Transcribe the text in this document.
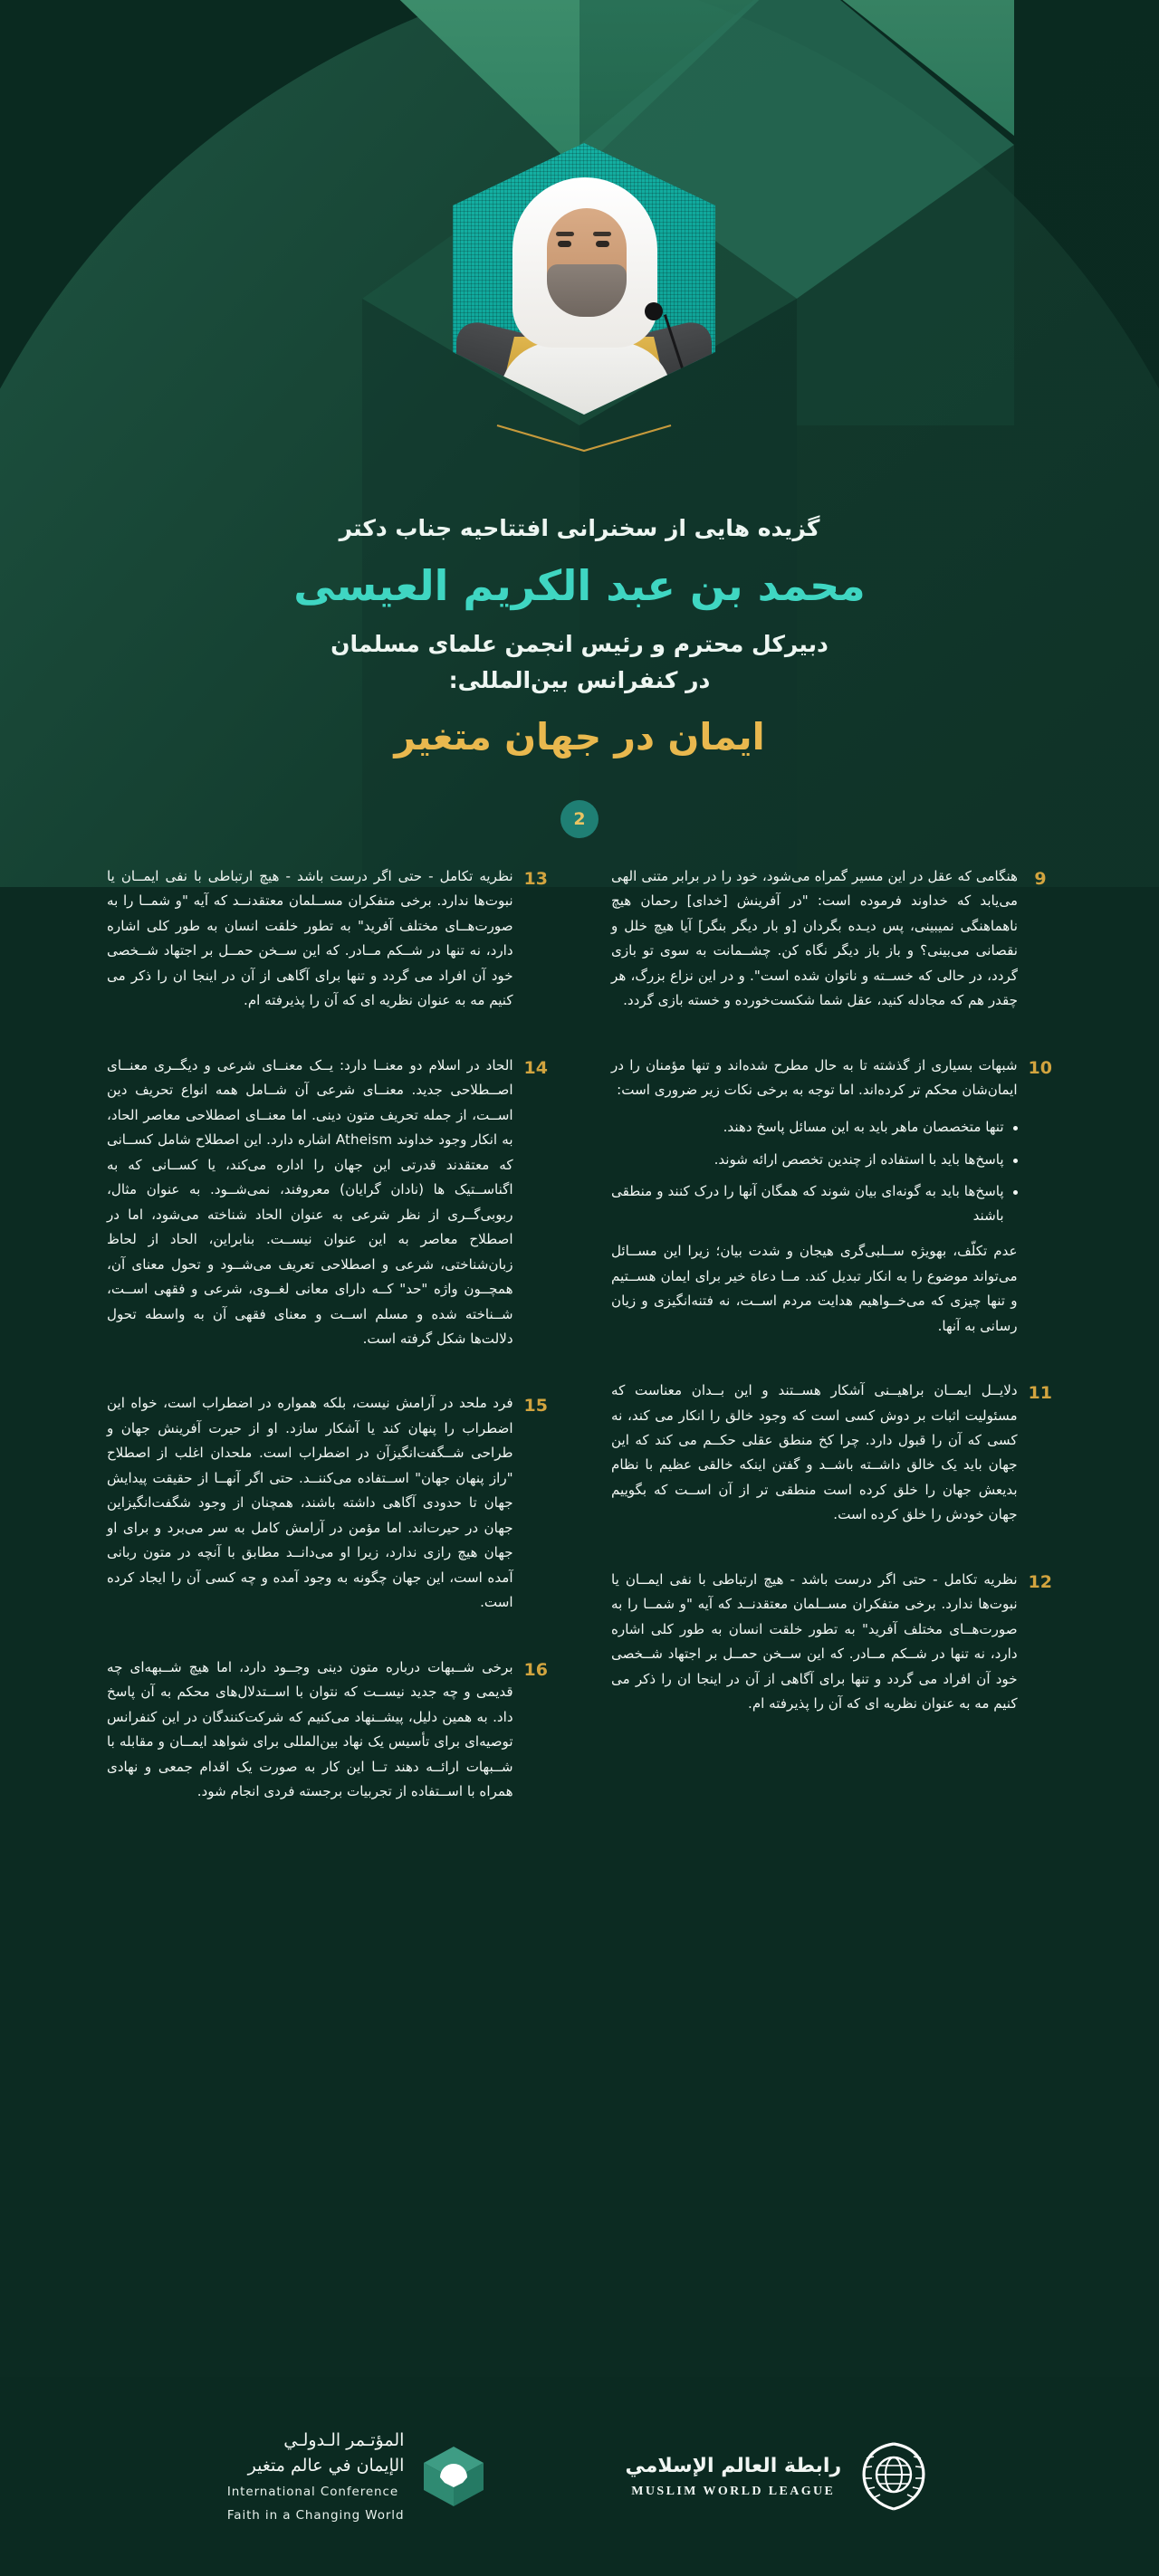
گزیده هایی از سخنرانی افتتاحیه جناب دکتر
محمد بن عبد الکریم العیسی
دبیرکل محترم و رئیس انجمن علمای مسلمان
در کنفرانس بین‌المللی:
ایمان در جهان متغیر
2
9
هنگامی که عقل در این مسیر گمراه می‌شود، خود را در برابر متنی الهی می‌یابد که خداوند فرموده است: "در آفرینش [خدای] رحمان هیچ ناهماهنگی نمیبینی، پس دیـده بگردان [و بار دیگر بنگر] آیا هیچ خلل و نقصانی می‌بینی؟ و باز باز دیگر نگاه کن. چشــمانت به سوی تو بازی گردد، در حالی که خســته و ناتوان شده است". و در این نزاع بزرگ، هر چقدر هم که مجادله کنید، عقل شما شکست‌خورده و خسته بازی گردد.
10
شبهات بسیاری از گذشته تا به حال مطرح شده‌اند و تنها مؤمنان را در ایمان‌شان محکم تر کرده‌اند. اما توجه به برخی نکات زیر ضروری است:
تنها متخصصان ماهر باید به این مسائل پاسخ دهند.
پاسخ‌ها باید با استفاده از چندین تخصص ارائه شوند.
پاسخ‌ها باید به گونه‌ای بیان شوند که همگان آنها را درک کنند و منطقی باشند
عدم تکلّف، بهویژه ســلبی‌گری هیجان و شدت بیان؛ زیرا این مســائل می‌تواند موضوع را به انکار تبدیل کند. مــا دعاة خیر برای ایمان هســتیم و تنها چیزی که می‌خــواهیم هدایت مردم اســت، نه فتنه‌انگیزی و زیان رسانی به آنها.
11
دلایــل ایمــان براهیــنی آشکار هســتند و این بــدان معناست که مسئولیت اثبات بر دوش کسی است که وجود خالق را انکار می کند، نه کسی که آن را قبول دارد. چرا کخ منطق عقلی حکــم می کند که این جهان باید یک خالق داشــته باشــد و گفتن اینکه خالقی عظیم با نظام بدیعش جهان را خلق کرده است منطقی تر از آن اســت که بگوییم جهان خودش را خلق کرده است.
12
نظریه تکامل - حتی اگر درست باشد - هیچ ارتباطی با نفی ایمــان یا نبوت‌ها ندارد. برخی متفکران مســلمان معتقدنــد که آیه "و شمــا را به صورت‌هــای مختلف آفرید" به تطور خلقت انسان به طور کلی اشاره دارد، نه تنها در شــکم مــادر. که این ســخن حمــل بر اجتهاد شــخصی خود آن افراد می گردد و تنها برای آگاهی از آن در اینجا ان را ذکر می کنیم مه به عنوان نظریه ای که آن را پذیرفته ام.
13
نظریه تکامل - حتی اگر درست باشد - هیچ ارتباطی با نفی ایمــان یا نبوت‌ها ندارد. برخی متفکران مســلمان معتقدنــد که آیه "و شمــا را به صورت‌هــای مختلف آفرید" به تطور خلقت انسان به طور کلی اشاره دارد، نه تنها در شــکم مــادر. که این ســخن حمــل بر اجتهاد شــخصی خود آن افراد می گردد و تنها برای آگاهی از آن در اینجا ان را ذکر می کنیم مه به عنوان نظریه ای که آن را پذیرفته ام.
14
الحاد در اسلام دو معنــا دارد: یــک معنــای شرعی و دیگــری معنــای اصــطلاحی جدید. معنــای شرعی آن شــامل همه انواع تحریف دین اســت، از جمله تحریف متون دینی. اما معنــای اصطلاحی معاصر الحاد، به انکار وجود خداوند Atheism اشاره دارد. این اصطلاح شامل کســانی که معتقدند قدرتی این جهان را اداره می‌کند، یا کســانی که به اگناســتیک ها (نادان گرایان) معروفند، نمی‌شــود. به عنوان مثال، ربوبی‌گــری از نظر شرعی به عنوان الحاد شناخته می‌شود، اما در اصطلاح معاصر به این عنوان نیســت. بنابراین، الحاد از لحاظ زبان‌شناختی، شرعی و اصطلاحی تعریف می‌شــود و تحول معنای آن، همچــون واژه "حد" کــه دارای معانی لغــوی، شرعی و فقهی اســت، شــناخته شده و مسلم اســت و معنای فقهی آن به واسطه تحول دلالت‌ها شکل گرفته است.
15
فرد ملحد در آرامش نیست، بلکه همواره در اضطراب است، خواه این اضطراب را پنهان کند یا آشکار سازد. او از حیرت آفرینش جهان و طراحی شــگفت‌انگیزآن در اضطراب است. ملحدان اغلب از اصطلاح "راز پنهان جهان" اســتفاده می‌کننــد. حتی اگر آنهــا از حقیقت پیدایش جهان تا حدودی آگاهی داشته باشند، همچنان از وجود شگفت‌انگیزاین جهان در حیرت‌اند. اما مؤمن در آرامش کامل به سر می‌برد و برای او جهان هیچ رازی ندارد، زیرا او می‌دانــد مطابق با آنچه در متون ربانی آمده است، این جهان چگونه به وجود آمده و چه کسی آن را ایجاد کرده است.
16
برخی شــبهات درباره متون دینی وجــود دارد، اما هیچ شــبهه‌ای چه قدیمی و چه جدید نیســت که نتوان با اســتدلال‌های محکم به آن پاسخ داد. به همین دلیل، پیشــنهاد می‌کنیم که شرکت‌کنندگان در این کنفرانس توصیه‌ای برای تأسیس یک نهاد بین‌المللی برای شواهد ایمــان و مقابله با شــبهات ارائــه دهند تــا این کار به صورت یک اقدام جمعی و نهادی همراه با اســتفاده از تجربیات برجسته فردی انجام شود.
المؤتـمر الـدولـي
الإيمان في عالم متغير
International Conference
Faith in a Changing World
رابطة العالم الإسلامي
MUSLIM WORLD LEAGUE
